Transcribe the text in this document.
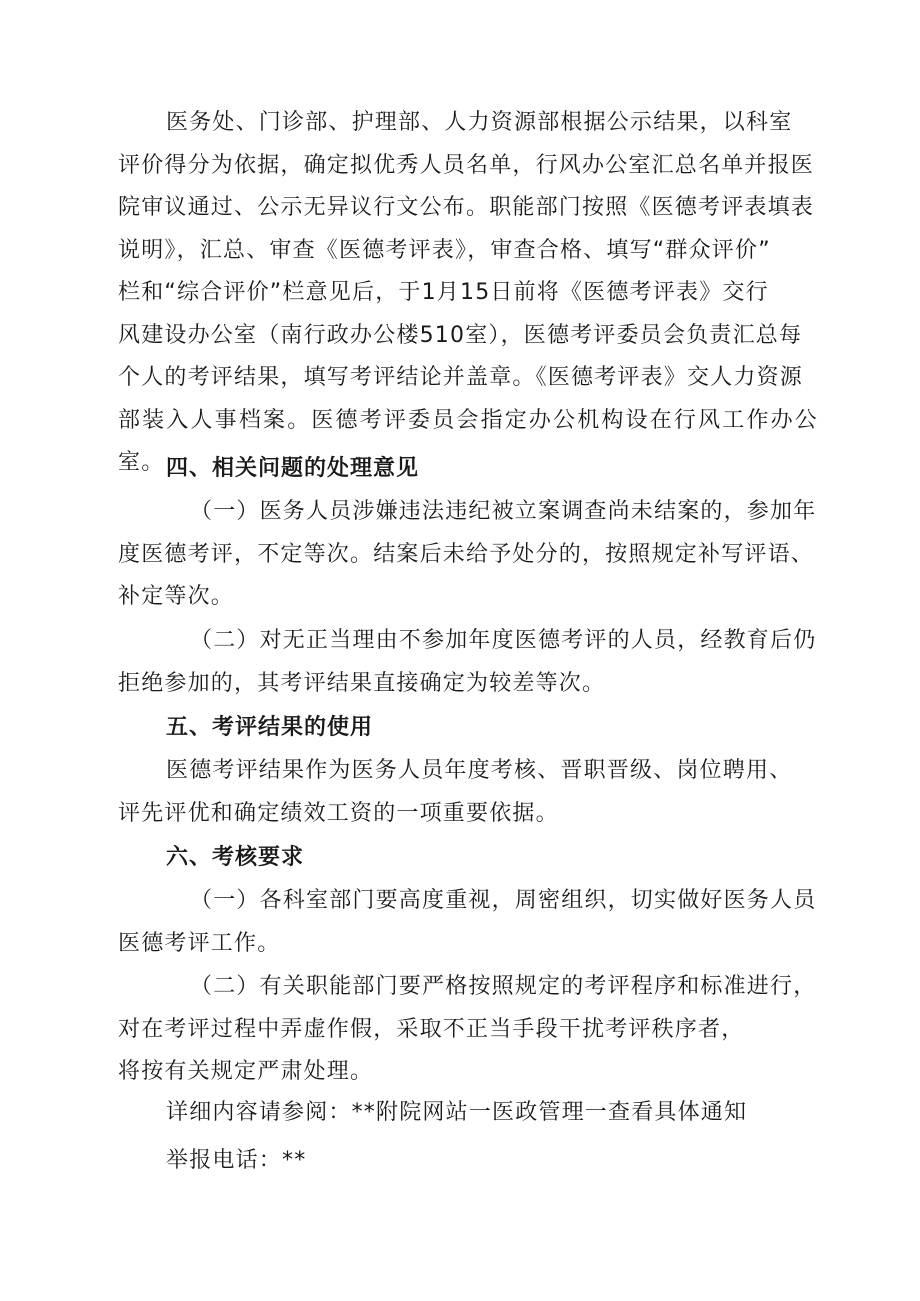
医务处、门诊部、护理部、人力资源部根据公示结果，以科室
评价得分为依据，确定拟优秀人员名单，行风办公室汇总名单并报医
院审议通过、公示无异议行文公布。职能部门按照《医德考评表填表
说明》，汇总、审查《医德考评表》，审查合格、填写“群众评价”
栏和“综合评价”栏意见后，于1月15日前将《医德考评表》交行
风建设办公室（南行政办公楼510室），医德考评委员会负责汇总每
个人的考评结果，填写考评结论并盖章。《医德考评表》交人力资源
部装入人事档案。医德考评委员会指定办公机构设在行风工作办公室。 四、相关问题的处理意见

（一）医务人员涉嫌违法违纪被立案调查尚未结案的，参加年
度医德考评，不定等次。结案后未给予处分的，按照规定补写评语、
补定等次。

（二）对无正当理由不参加年度医德考评的人员，经教育后仍
拒绝参加的，其考评结果直接确定为较差等次。

五、考评结果的使用

医德考评结果作为医务人员年度考核、晋职晋级、岗位聘用、
评先评优和确定绩效工资的一项重要依据。

六、考核要求

（一）各科室部门要高度重视，周密组织，切实做好医务人员
医德考评工作。

（二）有关职能部门要严格按照规定的考评程序和标准进行，
对在考评过程中弄虚作假，采取不正当手段干扰考评秩序者，
将按有关规定严肃处理。

详细内容请参阅：**附院网站一医政管理一查看具体通知

举报电话：**
